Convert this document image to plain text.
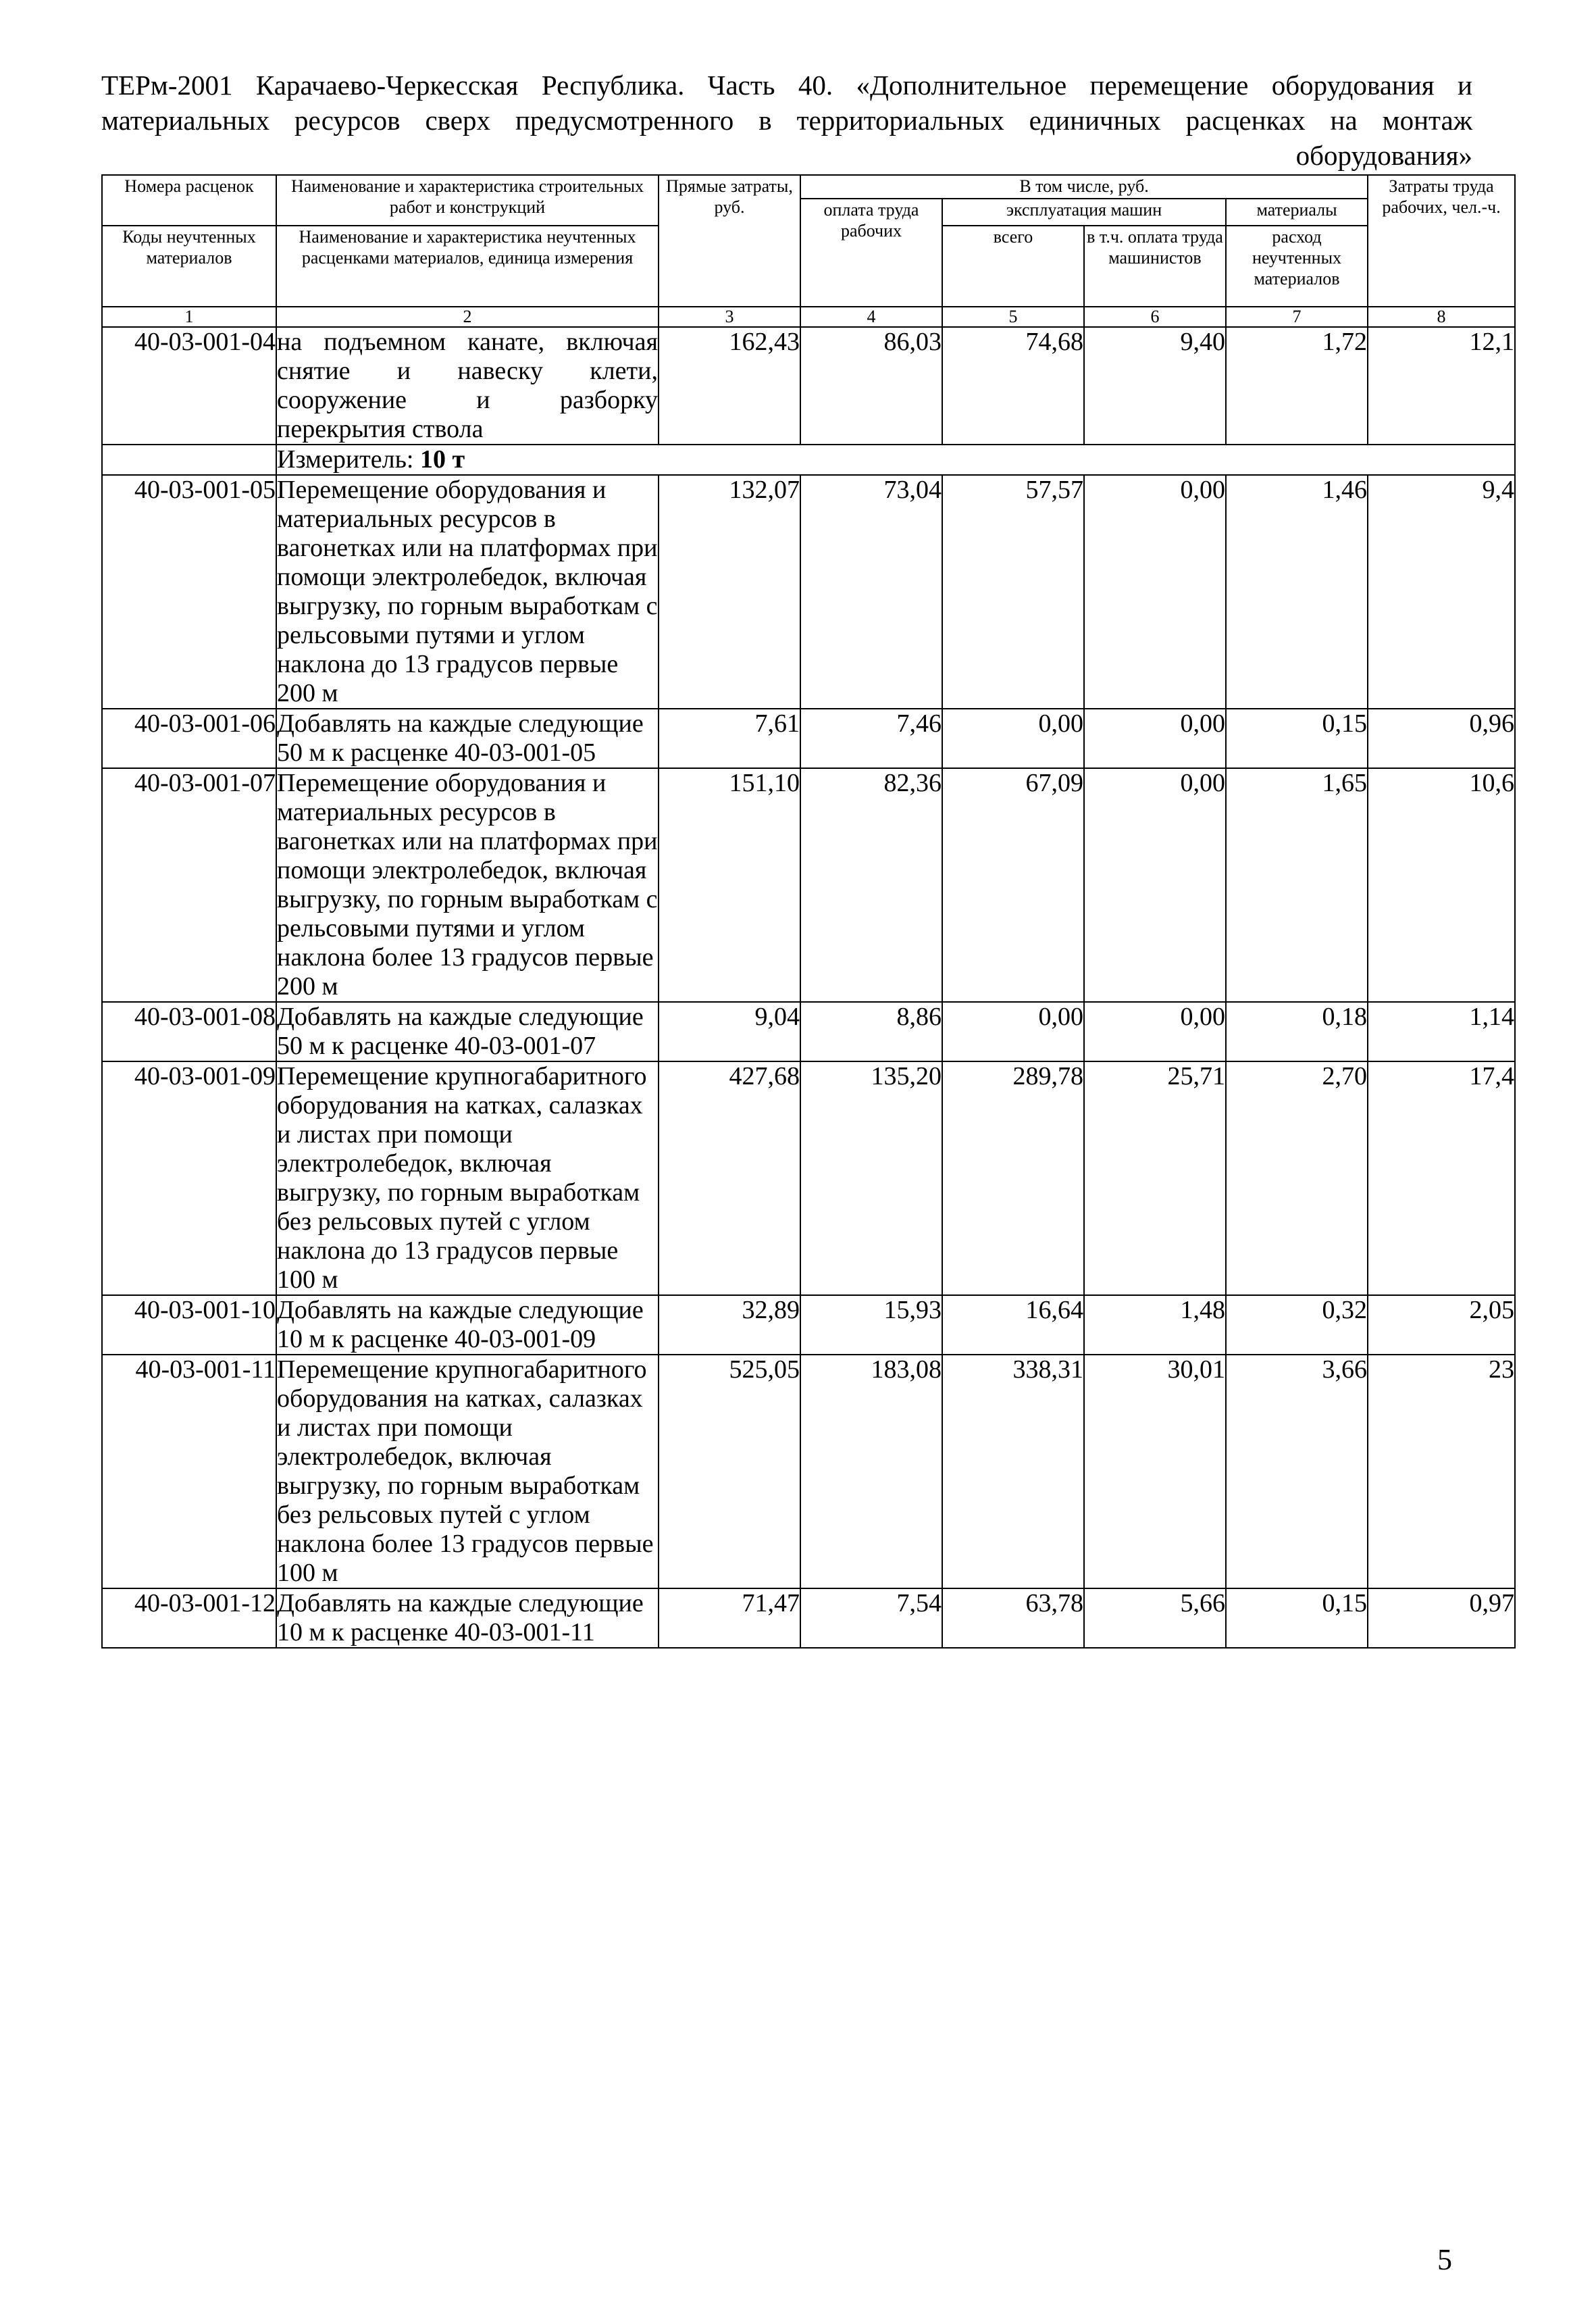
ТЕРм-2001 Карачаево-Черкесская Республика. Часть 40. «Дополнительное перемещение оборудования и материальных ресурсов сверх предусмотренного в территориальных единичных расценках на монтаж оборудования»
Номера расценок	Наименование и характеристика строительных работ и конструкций	Прямые затраты, руб.	В том числе, руб.				Затраты труда рабочих, чел.-ч.
			оплата труда рабочих	эксплуатация машин		материалы	
Коды неучтенных материалов	Наименование и характеристика неучтенных расценками материалов, единица измерения			всего	в т.ч. оплата труда машинистов	расход неучтенных материалов	

1	2	3	4	5	6	7	8
40-03-001-04	на подъемном канате, включая снятие и навеску клети, сооружение и разборку перекрытия ствола	162,43	86,03	74,68	9,40	1,72	12,1
	Измеритель: 10 т						
40-03-001-05	Перемещение оборудования и материальных ресурсов в вагонетках или на платформах при помощи электролебедок, включая выгрузку, по горным выработкам с рельсовыми путями и углом наклона до 13 градусов первые 200 м	132,07	73,04	57,57	0,00	1,46	9,4
40-03-001-06	Добавлять на каждые следующие 50 м к расценке 40-03-001-05	7,61	7,46	0,00	0,00	0,15	0,96
40-03-001-07	Перемещение оборудования и материальных ресурсов в вагонетках или на платформах при помощи электролебедок, включая выгрузку, по горным выработкам с рельсовыми путями и углом наклона более 13 градусов первые 200 м	151,10	82,36	67,09	0,00	1,65	10,6
40-03-001-08	Добавлять на каждые следующие 50 м к расценке 40-03-001-07	9,04	8,86	0,00	0,00	0,18	1,14
40-03-001-09	Перемещение крупногабаритного оборудования на катках, салазках и листах при помощи электролебедок, включая выгрузку, по горным выработкам без рельсовых путей с углом наклона до 13 градусов первые 100 м	427,68	135,20	289,78	25,71	2,70	17,4
40-03-001-10	Добавлять на каждые следующие 10 м к расценке 40-03-001-09	32,89	15,93	16,64	1,48	0,32	2,05
40-03-001-11	Перемещение крупногабаритного оборудования на катках, салазках и листах при помощи электролебедок, включая выгрузку, по горным выработкам без рельсовых путей с углом наклона более 13 градусов первые 100 м	525,05	183,08	338,31	30,01	3,66	23
40-03-001-12	Добавлять на каждые следующие 10 м к расценке 40-03-001-11	71,47	7,54	63,78	5,66	0,15	0,97
5
